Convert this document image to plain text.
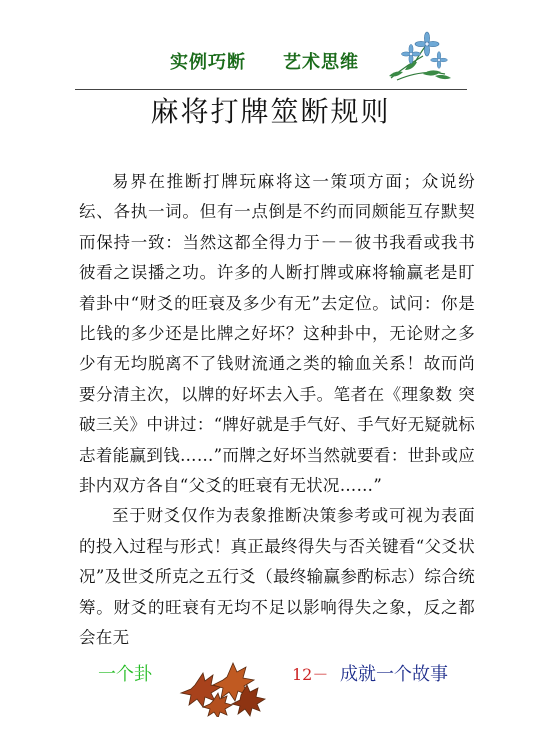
实例巧断 艺术思维
麻将打牌筮断规则

易界在推断打牌玩麻将这一策项方面；众说纷纭、各执一词。但有一点倒是不约而同颇能互存默契而保持一致：当然这都全得力于－－彼书我看或我书彼看之误播之功。许多的人断打牌或麻将输赢老是盯着卦中“财爻的旺衰及多少有无”去定位。试问：你是比钱的多少还是比牌之好坏？这种卦中，无论财之多少有无均脱离不了钱财流通之类的输血关系！故而尚要分清主次，以牌的好坏去入手。笔者在《理象数 突破三关》中讲过：“牌好就是手气好、手气好无疑就标志着能赢到钱……”而牌之好坏当然就要看：世卦或应卦内双方各自“父爻的旺衰有无状况……”

至于财爻仅作为表象推断决策参考或可视为表面的投入过程与形式！真正最终得失与否关键看“父爻状况”及世爻所克之五行爻（最终输赢参酌标志）综合统筹。财爻的旺衰有无均不足以影响得失之象，反之都会在无

一个卦	12－ 成就一个故事
